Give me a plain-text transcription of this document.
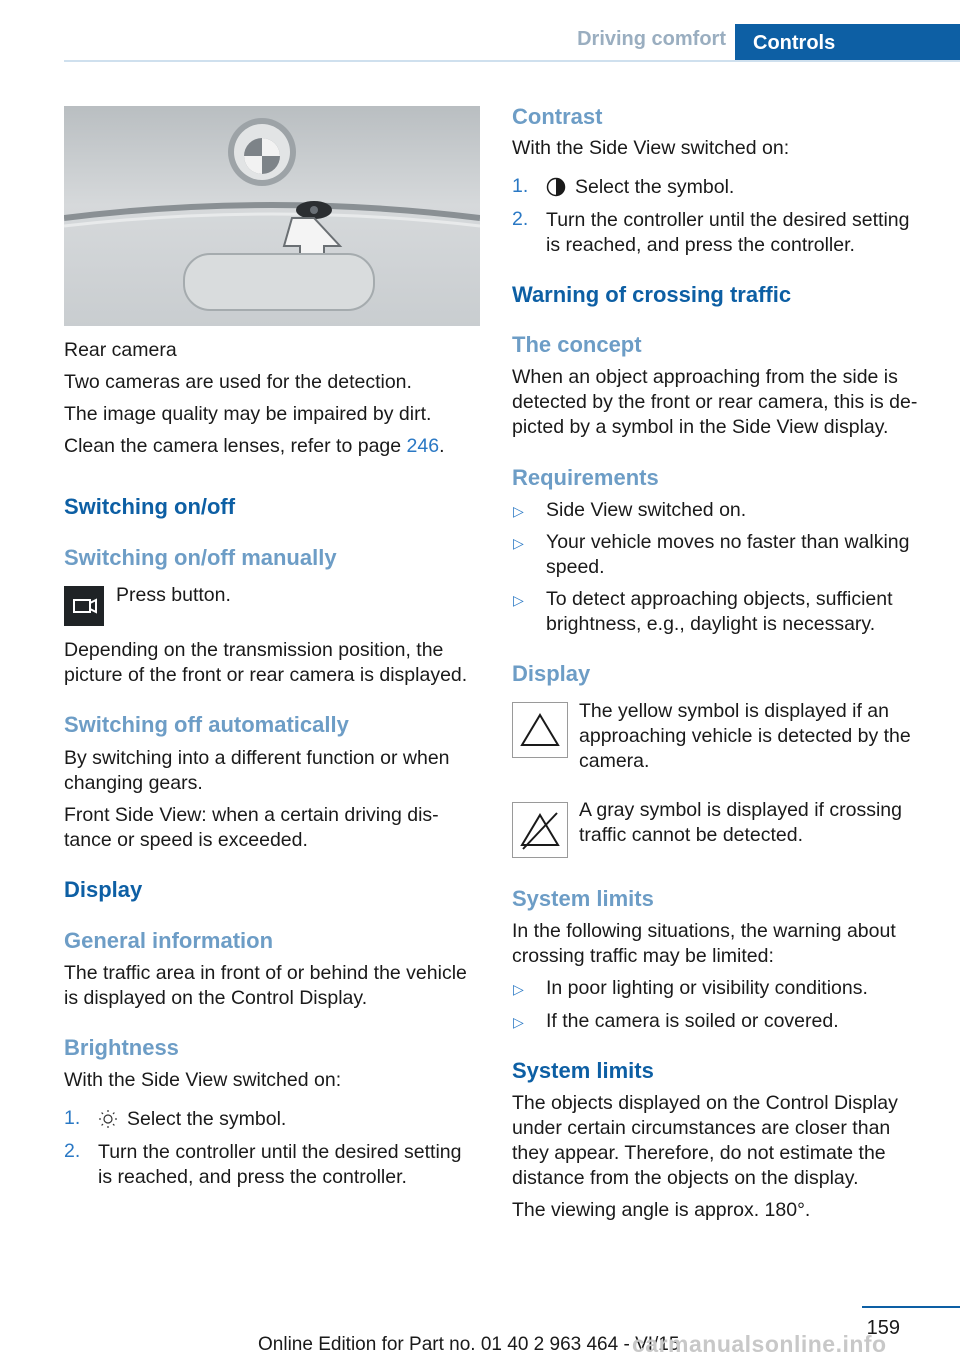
Driving comfort	Controls

Rear camera

Two cameras are used for the detection.

The image quality may be impaired by dirt.

Clean the camera lenses, refer to page 246.

Switching on/off

Switching on/off manually

Press button.

Depending on the transmission position, the

picture of the front or rear camera is displayed.

Switching off automatically

By switching into a different function or when

changing gears.

Front Side View: when a certain driving dis‐

tance or speed is exceeded.

Display

General information

The traffic area in front of or behind the vehicle

is displayed on the Control Display.

Brightness

With the Side View switched on:

1. Select the symbol.

2. Turn the controller until the desired setting

is reached, and press the controller.

Contrast

With the Side View switched on:

1. Select the symbol.

2. Turn the controller until the desired setting

is reached, and press the controller.

Warning of crossing traffic

The concept

When an object approaching from the side is

detected by the front or rear camera, this is de‐

picted by a symbol in the Side View display.

Requirements

▷ Side View switched on.

▷ Your vehicle moves no faster than walking

speed.

▷ To detect approaching objects, sufficient

brightness, e.g., daylight is necessary.

Display

The yellow symbol is displayed if an

approaching vehicle is detected by the

camera.

A gray symbol is displayed if crossing

traffic cannot be detected.

System limits

In the following situations, the warning about

crossing traffic may be limited:

▷ In poor lighting or visibility conditions.

▷ If the camera is soiled or covered.

System limits

The objects displayed on the Control Display

under certain circumstances are closer than

they appear. Therefore, do not estimate the

distance from the objects on the display.

The viewing angle is approx. 180°.

159
Online Edition for Part no. 01 40 2 963 464 - VI/15
carmanualsonline.info
